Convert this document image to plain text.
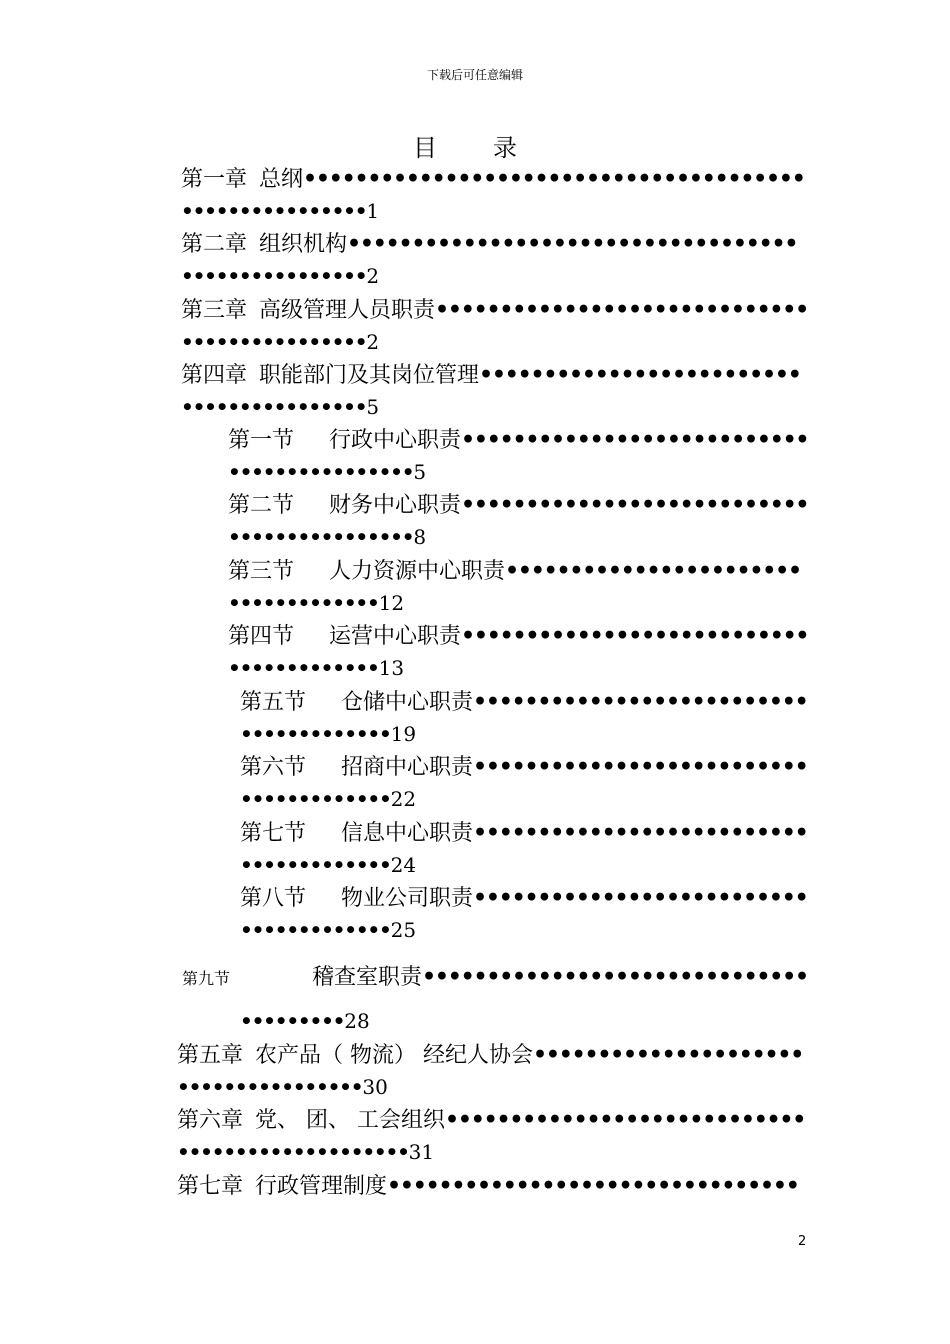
下载后可任意编辑
目 录
第一章 总纲•••••••••••••••••••••••••••••••••••••••
••••••••••••••••1
第二章 组织机构•••••••••••••••••••••••••••••••••••
••••••••••••••••2
第三章 高级管理人员职责•••••••••••••••••••••••••••••
••••••••••••••••2
第四章 职能部门及其岗位管理•••••••••••••••••••••••••
••••••••••••••••5
第一节 行政中心职责•••••••••••••••••••••••••••
••••••••••••••••5
第二节 财务中心职责•••••••••••••••••••••••••••
••••••••••••••••8
第三节 人力资源中心职责•••••••••••••••••••••••
•••••••••••••12
第四节 运营中心职责•••••••••••••••••••••••••••
•••••••••••••13
第五节 仓储中心职责••••••••••••••••••••••••••
•••••••••••••19
第六节 招商中心职责••••••••••••••••••••••••••
•••••••••••••22
第七节 信息中心职责••••••••••••••••••••••••••
•••••••••••••24
第八节 物业公司职责••••••••••••••••••••••••••
•••••••••••••25
第九节	稽查室职责••••••••••••••••••••••••••••••
•••••••••28
第五章 农产品（ 物流） 经纪人协会•••••••••••••••••••••
••••••••••••••••30
第六章 党、 团、 工会组织••••••••••••••••••••••••••••
••••••••••••••••••••31
第七章 行政管理制度••••••••••••••••••••••••••••••••
2
